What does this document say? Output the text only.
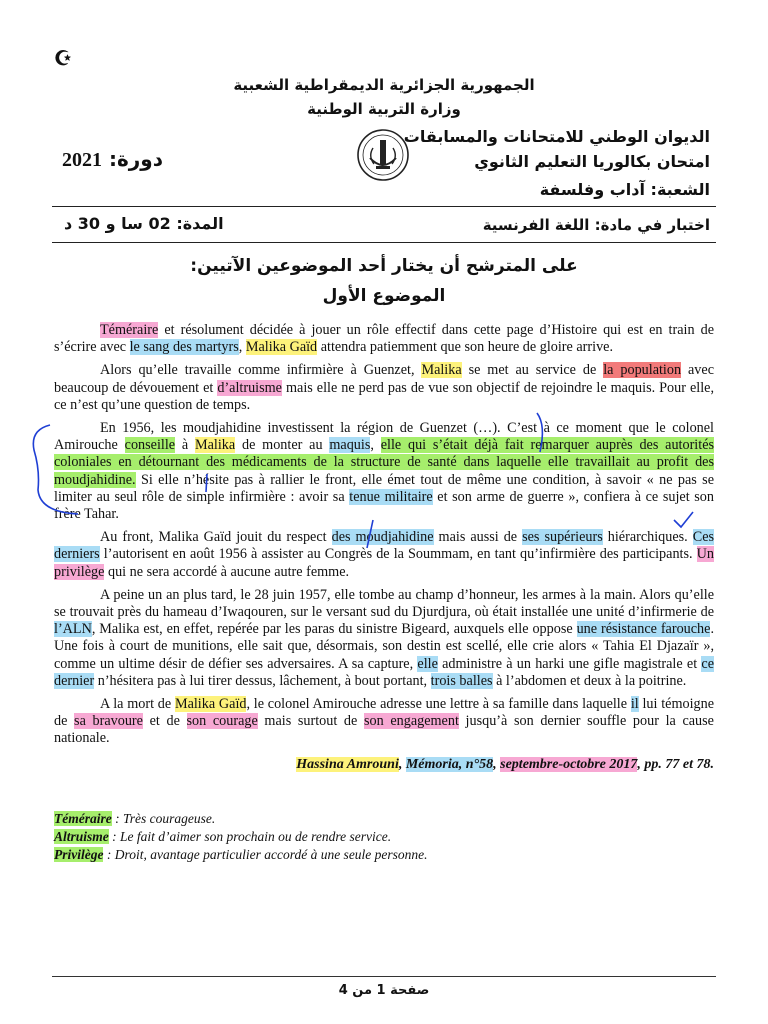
☪
الجمهورية الجزائرية الديمقراطية الشعبية
وزارة التربية الوطنية
الديوان الوطني للامتحانات والمسابقات
امتحان بكالوريا التعليم الثانوي
الشعبة: آداب وفلسفة
دورة: 2021
اختبار في مادة: اللغة الفرنسية
المدة: 02 سا و 30 د
على المترشح أن يختار أحد الموضوعين الآتيين:
الموضوع الأول

Téméraire et résolument décidée à jouer un rôle effectif dans cette page d’Histoire qui est en train de s’écrire avec le sang des martyrs, Malika Gaïd attendra patiemment que son heure de gloire arrive.

Alors qu’elle travaille comme infirmière à Guenzet, Malika se met au service de la population avec beaucoup de dévouement et d’altruisme mais elle ne perd pas de vue son objectif de rejoindre le maquis. Pour elle, ce n’est qu’une question de temps.

En 1956, les moudjahidine investissent la région de Guenzet (…). C’est à ce moment que le colonel Amirouche conseille à Malika de monter au maquis, elle qui s’était déjà fait remarquer auprès des autorités coloniales en détournant des médicaments de la structure de santé dans laquelle elle travaillait au profit des moudjahidine. Si elle n’hésite pas à rallier le front, elle émet tout de même une condition, à savoir « ne pas se limiter au seul rôle de simple infirmière : avoir sa tenue militaire et son arme de guerre », confiera à ce sujet son frère Tahar.

Au front, Malika Gaïd jouit du respect des moudjahidine mais aussi de ses supérieurs hiérarchiques. Ces derniers l’autorisent en août 1956 à assister au Congrès de la Soummam, en tant qu’infirmière des participants. Un privilège qui ne sera accordé à aucune autre femme.

A peine un an plus tard, le 28 juin 1957, elle tombe au champ d’honneur, les armes à la main. Alors qu’elle se trouvait près du hameau d’Iwaqouren, sur le versant sud du Djurdjura, où était installée une unité d’infirmerie de l’ALN, Malika est, en effet, repérée par les paras du sinistre Bigeard, auxquels elle oppose une résistance farouche. Une fois à court de munitions, elle sait que, désormais, son destin est scellé, elle crie alors « Tahia El Djazaïr », comme un ultime désir de défier ses adversaires. A sa capture, elle administre à un harki une gifle magistrale et ce dernier n’hésitera pas à lui tirer dessus, lâchement, à bout portant, trois balles à l’abdomen et deux à la poitrine.

A la mort de Malika Gaïd, le colonel Amirouche adresse une lettre à sa famille dans laquelle il lui témoigne de sa bravoure et de son courage mais surtout de son engagement jusqu’à son dernier souffle pour la cause nationale.

Hassina Amrouni, Mémoria, n°58, septembre-octobre 2017, pp. 77 et 78.
Téméraire : Très courageuse.
Altruisme : Le fait d’aimer son prochain ou de rendre service.
Privilège : Droit, avantage particulier accordé à une seule personne.
صفحة 1 من 4
